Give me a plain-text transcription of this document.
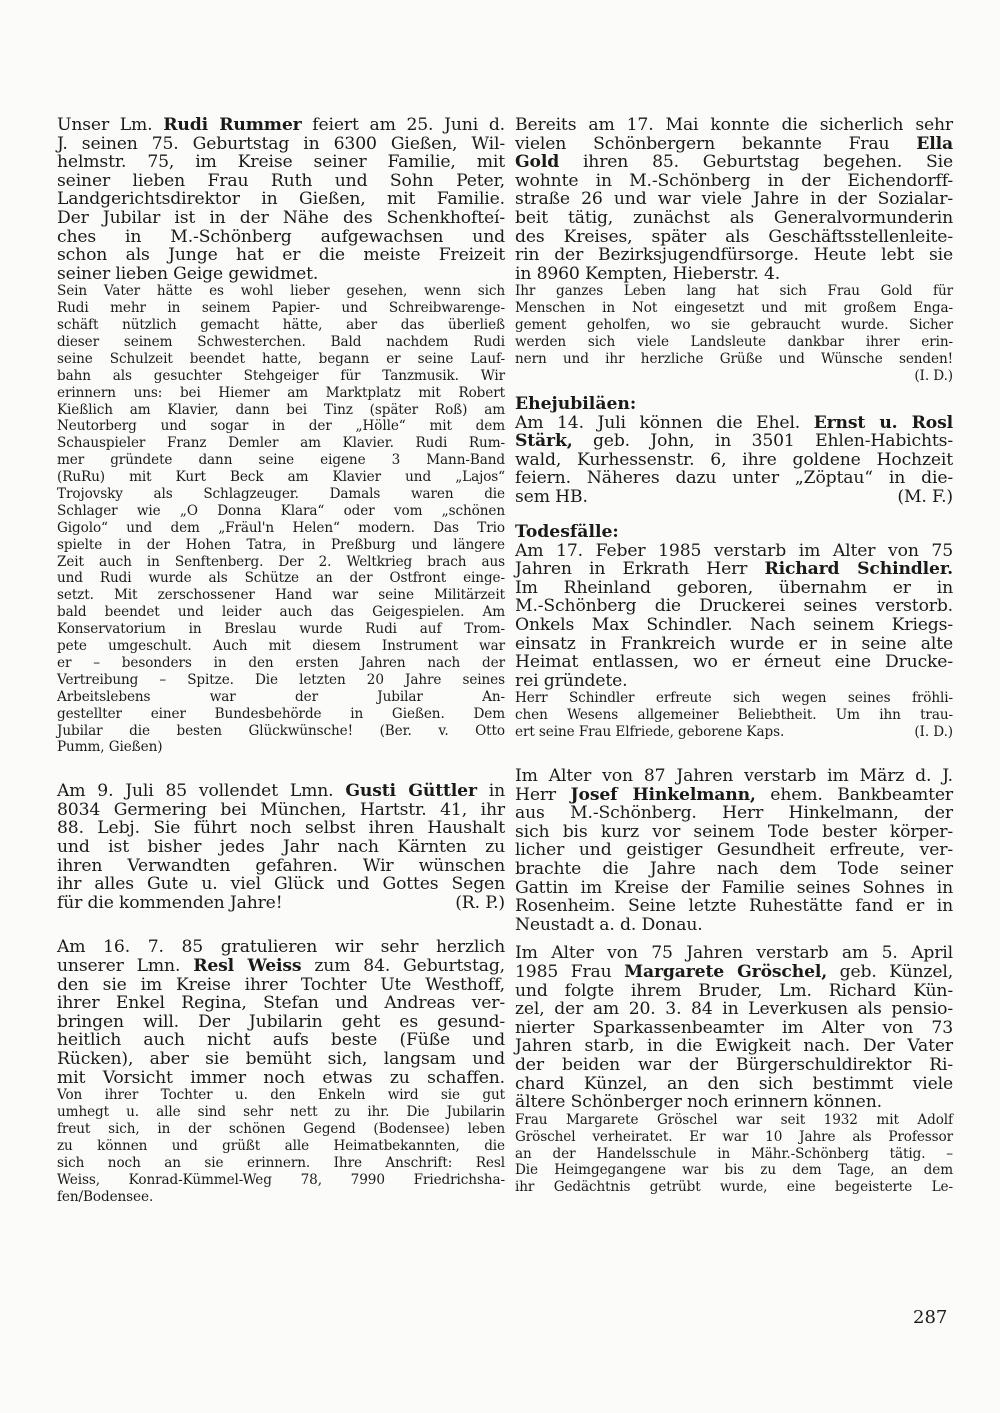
Unser Lm. Rudi Rummer feiert am 25. Juni d.
J. seinen 75. Geburtstag in 6300 Gießen, Wil-
helmstr. 75, im Kreise seiner Familie, mit
seiner lieben Frau Ruth und Sohn Peter,
Landgerichtsdirektor in Gießen, mit Familie.
Der Jubilar ist in der Nähe des Schenkhofteí-
ches in M.-Schönberg aufgewachsen und
schon als Junge hat er die meiste Freizeit
seiner lieben Geige gewidmet.
Sein Vater hätte es wohl lieber gesehen, wenn sich
Rudi mehr in seinem Papier- und Schreibwarenge-
schäft nützlich gemacht hätte, aber das überließ
dieser seinem Schwesterchen. Bald nachdem Rudi
seine Schulzeit beendet hatte, begann er seine Lauf-
bahn als gesuchter Stehgeiger für Tanzmusik. Wir
erinnern uns: bei Hiemer am Marktplatz mit Robert
Kießlich am Klavier, dann bei Tinz (später Roß) am
Neutorberg und sogar in der „Hölle“ mit dem
Schauspieler Franz Demler am Klavier. Rudi Rum-
mer gründete dann seine eigene 3 Mann-Band
(RuRu) mit Kurt Beck am Klavier und „Lajos“
Trojovsky als Schlagzeuger. Damals waren die
Schlager wie „O Donna Klara“ oder vom „schönen
Gigolo“ und dem „Fräul'n Helen“ modern. Das Trio
spielte in der Hohen Tatra, in Preßburg und längere
Zeit auch in Senftenberg. Der 2. Weltkrieg brach aus
und Rudi wurde als Schütze an der Ostfront einge-
setzt. Mit zerschossener Hand war seine Militärzeit
bald beendet und leider auch das Geigespielen. Am
Konservatorium in Breslau wurde Rudi auf Trom-
pete umgeschult. Auch mit diesem Instrument war
er – besonders in den ersten Jahren nach der
Vertreibung – Spitze. Die letzten 20 Jahre seines
Arbeitslebens war der Jubilar An-
gestellter einer Bundesbehörde in Gießen. Dem
Jubilar die besten Glückwünsche! (Ber. v. Otto
Pumm, Gießen)
Am 9. Juli 85 vollendet Lmn. Gusti Güttler in
8034 Germering bei München, Hartstr. 41, ihr
88. Lebj. Sie führt noch selbst ihren Haushalt
und ist bisher jedes Jahr nach Kärnten zu
ihren Verwandten gefahren. Wir wünschen
ihr alles Gute u. viel Glück und Gottes Segen
für die kommenden Jahre!	(R. P.)
Am 16. 7. 85 gratulieren wir sehr herzlich
unserer Lmn. Resl Weiss zum 84. Geburtstag,
den sie im Kreise ihrer Tochter Ute Westhoff,
ihrer Enkel Regina, Stefan und Andreas ver-
bringen will. Der Jubilarin geht es gesund-
heitlich auch nicht aufs beste (Füße und
Rücken), aber sie bemüht sich, langsam und
mit Vorsicht immer noch etwas zu schaffen.
Von ihrer Tochter u. den Enkeln wird sie gut
umhegt u. alle sind sehr nett zu ihr. Die Jubilarin
freut sich, in der schönen Gegend (Bodensee) leben
zu können und grüßt alle Heimatbekannten, die
sich noch an sie erinnern. Ihre Anschrift: Resl
Weiss, Konrad-Kümmel-Weg 78, 7990 Friedrichsha-
fen/Bodensee.
Bereits am 17. Mai konnte die sicherlich sehr
vielen Schönbergern bekannte Frau Ella
Gold ihren 85. Geburtstag begehen. Sie
wohnte in M.-Schönberg in der Eichendorff-
straße 26 und war viele Jahre in der Sozialar-
beit tätig, zunächst als Generalvormunderin
des Kreises, später als Geschäftsstellenleite-
rin der Bezirksjugendfürsorge. Heute lebt sie
in 8960 Kempten, Hieberstr. 4.
Ihr ganzes Leben lang hat sich Frau Gold für
Menschen in Not eingesetzt und mit großem Enga-
gement geholfen, wo sie gebraucht wurde. Sicher
werden sich viele Landsleute dankbar ihrer erin-
nern und ihr herzliche Grüße und Wünsche senden!
(I. D.)
Ehejubiläen:
Am 14. Juli können die Ehel. Ernst u. Rosl
Stärk, geb. John, in 3501 Ehlen-Habichts-
wald, Kurhessenstr. 6, ihre goldene Hochzeit
feiern. Näheres dazu unter „Zöptau“ in die-
sem HB.	(M. F.)
Todesfälle:
Am 17. Feber 1985 verstarb im Alter von 75
Jahren in Erkrath Herr Richard Schindler.
Im Rheinland geboren, übernahm er in
M.-Schönberg die Druckerei seines verstorb.
Onkels Max Schindler. Nach seinem Kriegs-
einsatz in Frankreich wurde er in seine alte
Heimat entlassen, wo er érneut eine Drucke-
rei gründete.
Herr Schindler erfreute sich wegen seines fröhli-
chen Wesens allgemeiner Beliebtheit. Um ihn trau-
ert seine Frau Elfriede, geborene Kaps.	(I. D.)
Im Alter von 87 Jahren verstarb im März d. J.
Herr Josef Hinkelmann, ehem. Bankbeamter
aus M.-Schönberg. Herr Hinkelmann, der
sich bis kurz vor seinem Tode bester körper-
licher und geistiger Gesundheit erfreute, ver-
brachte die Jahre nach dem Tode seiner
Gattin im Kreise der Familie seines Sohnes in
Rosenheim. Seine letzte Ruhestätte fand er in
Neustadt a. d. Donau.
Im Alter von 75 Jahren verstarb am 5. April
1985 Frau Margarete Gröschel, geb. Künzel,
und folgte ihrem Bruder, Lm. Richard Kün-
zel, der am 20. 3. 84 in Leverkusen als pensio-
nierter Sparkassenbeamter im Alter von 73
Jahren starb, in die Ewigkeit nach. Der Vater
der beiden war der Bürgerschuldirektor Ri-
chard Künzel, an den sich bestimmt viele
ältere Schönberger noch erinnern können.
Frau Margarete Gröschel war seit 1932 mit Adolf
Gröschel verheiratet. Er war 10 Jahre als Professor
an der Handelsschule in Mähr.-Schönberg tätig. –
Die Heimgegangene war bis zu dem Tage, an dem
ihr Gedächtnis getrübt wurde, eine begeisterte Le-
287
